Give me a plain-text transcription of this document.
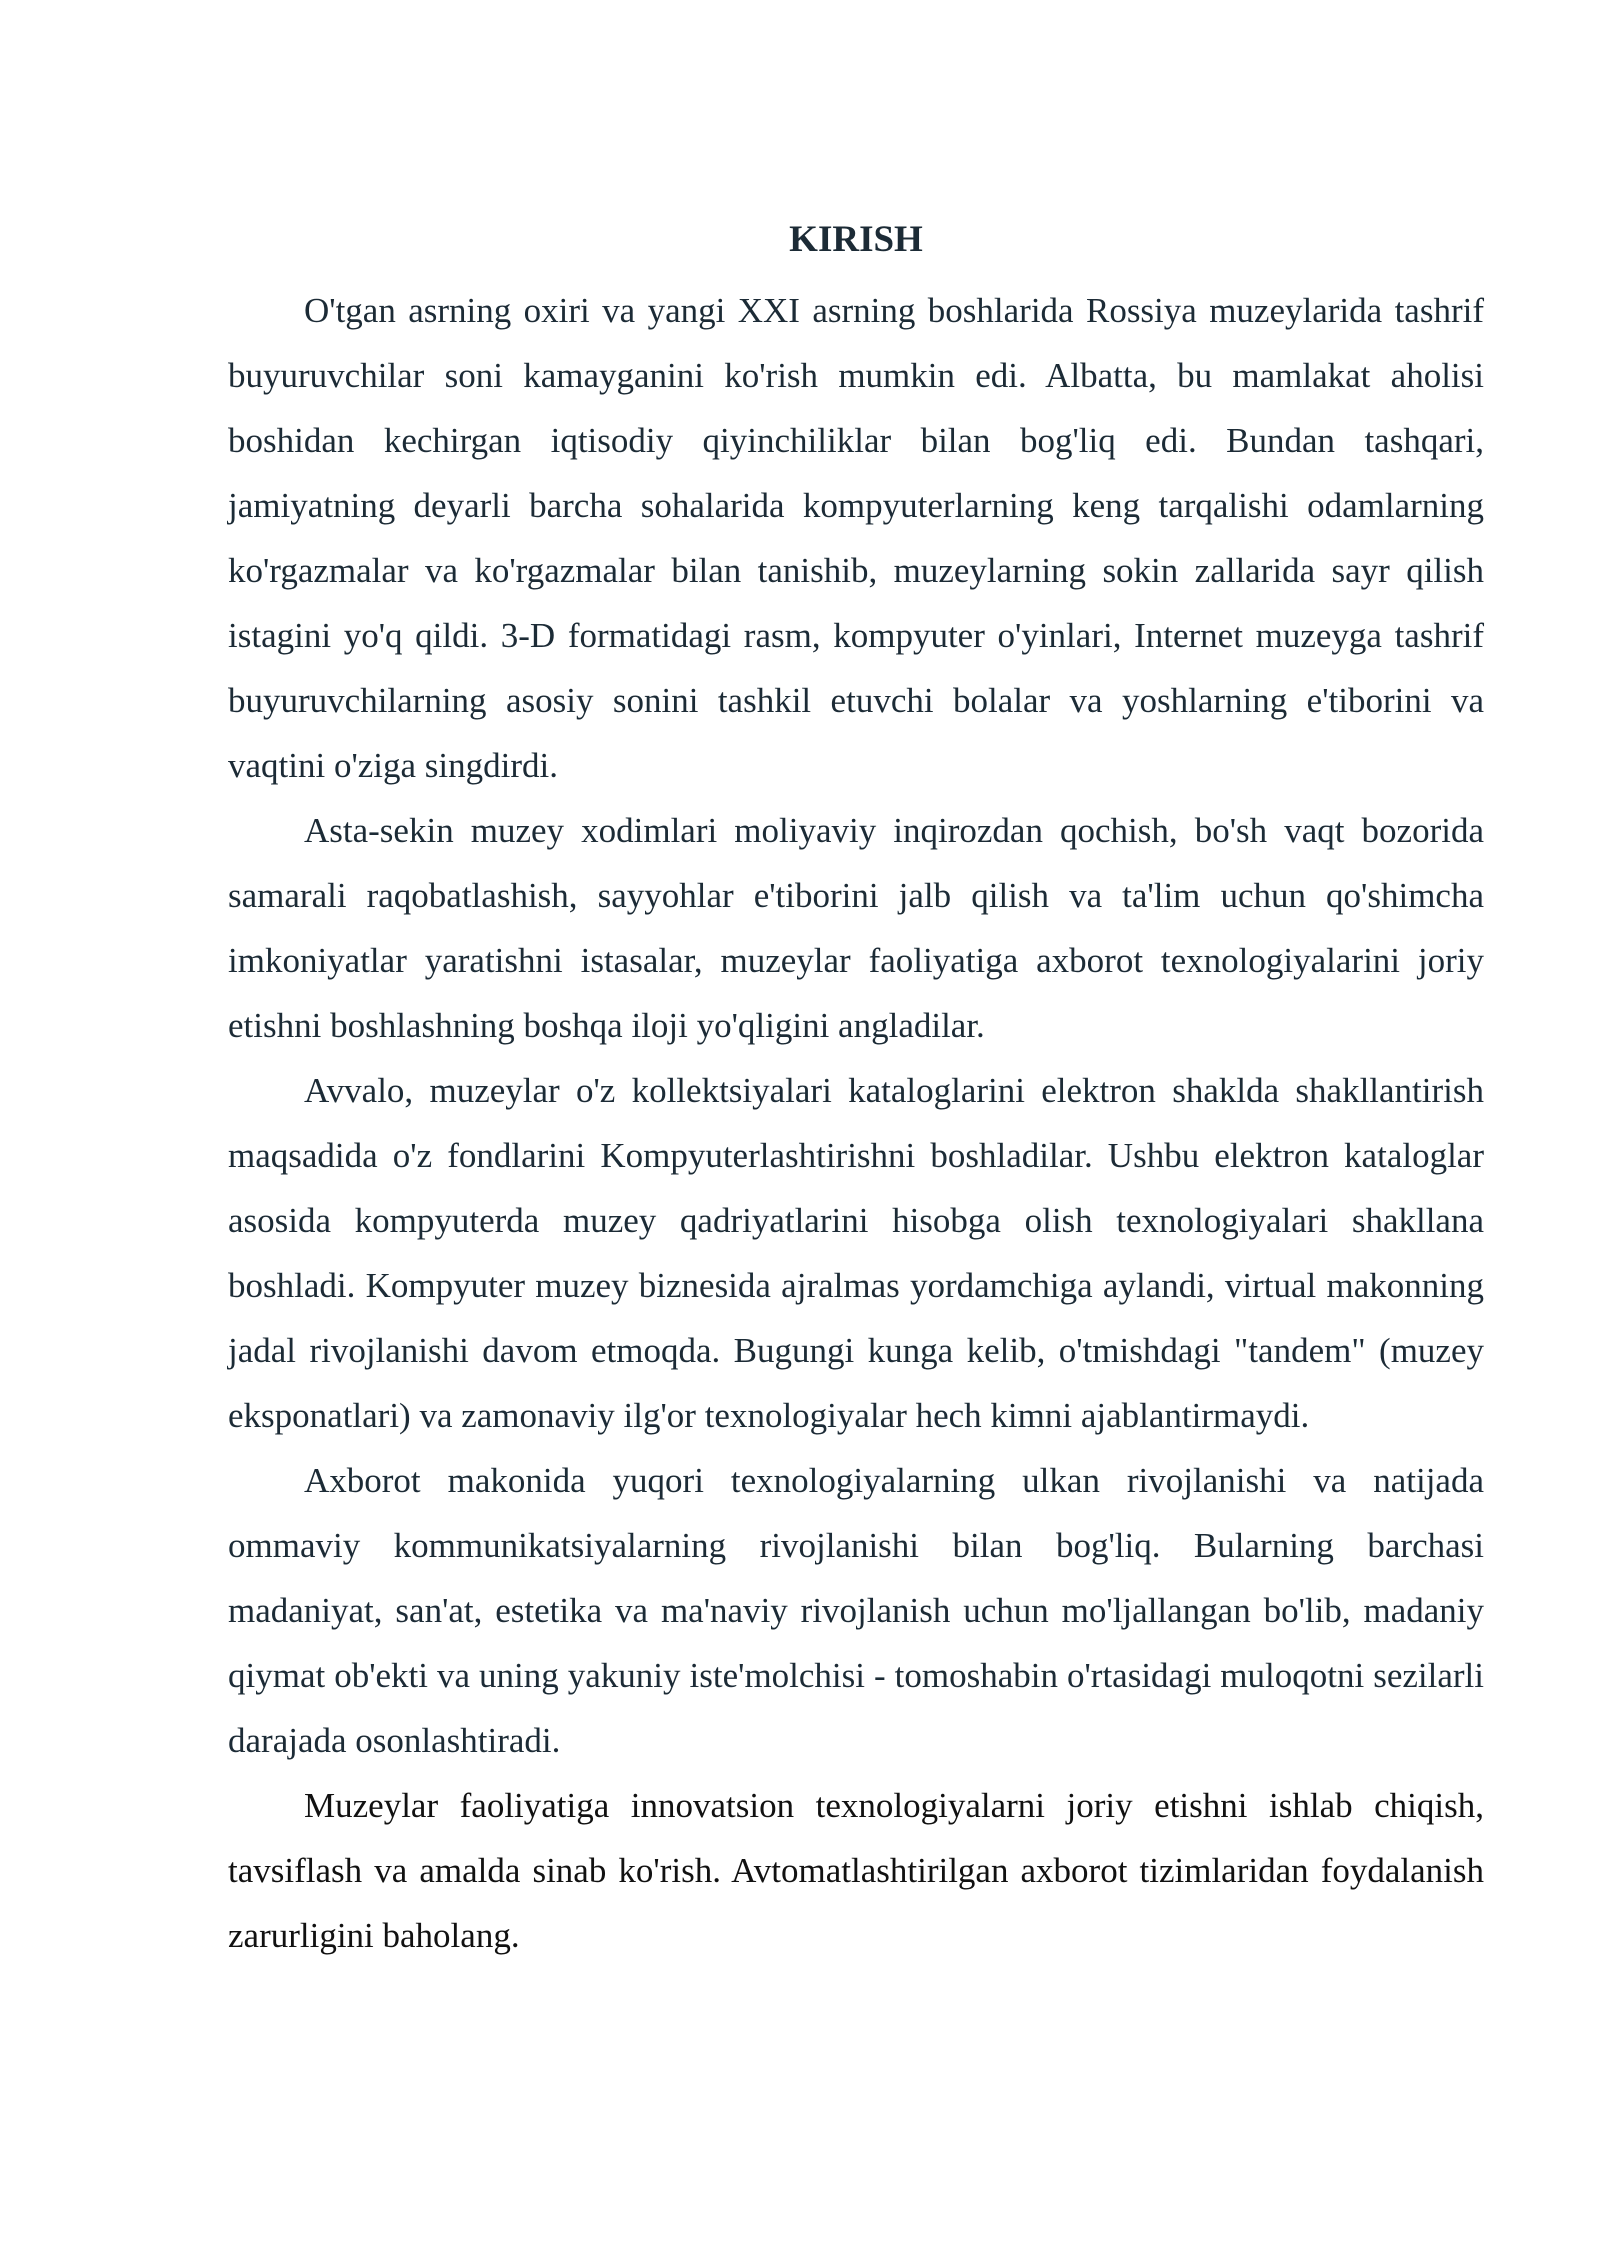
KIRISH

O'tgan asrning oxiri va yangi XXI asrning boshlarida Rossiya muzeylarida tashrif buyuruvchilar soni kamayganini ko'rish mumkin edi. Albatta, bu mamlakat aholisi boshidan kechirgan iqtisodiy qiyinchiliklar bilan bog'liq edi. Bundan tashqari, jamiyatning deyarli barcha sohalarida kompyuterlarning keng tarqalishi odamlarning ko'rgazmalar va ko'rgazmalar bilan tanishib, muzeylarning sokin zallarida sayr qilish istagini yo'q qildi. 3-D formatidagi rasm, kompyuter o'yinlari, Internet muzeyga tashrif buyuruvchilarning asosiy sonini tashkil etuvchi bolalar va yoshlarning e'tiborini va vaqtini o'ziga singdirdi.

Asta-sekin muzey xodimlari moliyaviy inqirozdan qochish, bo'sh vaqt bozorida samarali raqobatlashish, sayyohlar e'tiborini jalb qilish va ta'lim uchun qo'shimcha imkoniyatlar yaratishni istasalar, muzeylar faoliyatiga axborot texnologiyalarini joriy etishni boshlashning boshqa iloji yo'qligini angladilar.

Avvalo, muzeylar o'z kollektsiyalari kataloglarini elektron shaklda shakllantirish maqsadida o'z fondlarini Kompyuterlashtirishni boshladilar. Ushbu elektron kataloglar asosida kompyuterda muzey qadriyatlarini hisobga olish texnologiyalari shakllana boshladi. Kompyuter muzey biznesida ajralmas yordamchiga aylandi, virtual makonning jadal rivojlanishi davom etmoqda. Bugungi kunga kelib, o'tmishdagi "tandem" (muzey eksponatlari) va zamonaviy ilg'or texnologiyalar hech kimni ajablantirmaydi.

Axborot makonida yuqori texnologiyalarning ulkan rivojlanishi va natijada ommaviy kommunikatsiyalarning rivojlanishi bilan bog'liq. Bularning barchasi madaniyat, san'at, estetika va ma'naviy rivojlanish uchun mo'ljallangan bo'lib, madaniy qiymat ob'ekti va uning yakuniy iste'molchisi - tomoshabin o'rtasidagi muloqotni sezilarli darajada osonlashtiradi.

Muzeylar faoliyatiga innovatsion texnologiyalarni joriy etishni ishlab chiqish, tavsiflash va amalda sinab ko'rish. Avtomatlashtirilgan axborot tizimlaridan foydalanish zarurligini baholang.
